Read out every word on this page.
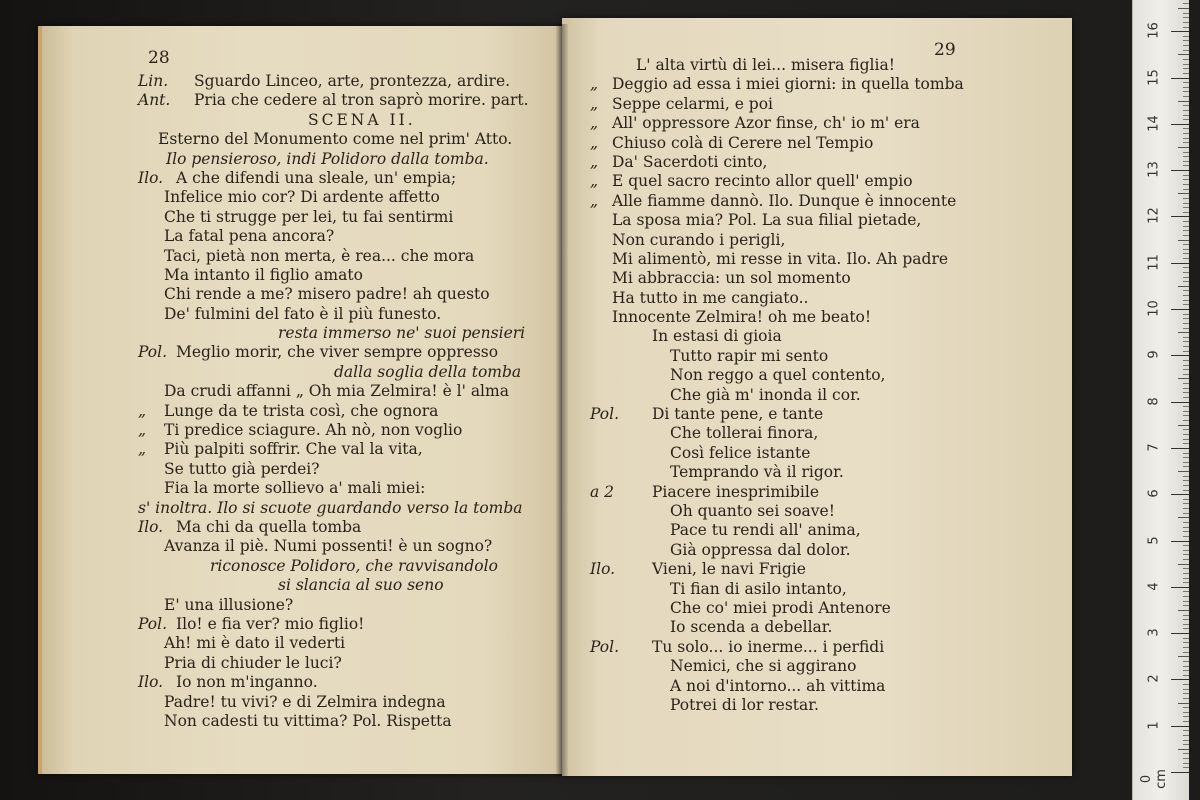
28
Lin. Sguardo Linceo, arte, prontezza, ardire.
Ant. Pria che cedere al tron saprò morire. part.
SCENA II.
Esterno del Monumento come nel prim' Atto.
Ilo pensieroso, indi Polidoro dalla tomba.
Ilo. A che difendi una sleale, un' empia;
Infelice mio cor? Di ardente affetto
Che ti strugge per lei, tu fai sentirmi
La fatal pena ancora?
Taci, pietà non merta, è rea... che mora
Ma intanto il figlio amato
Chi rende a me? misero padre! ah questo
De' fulmini del fato è il più funesto.
resta immerso ne' suoi pensieri
Pol. Meglio morir, che viver sempre oppresso
dalla soglia della tomba
Da crudi affanni „ Oh mia Zelmira! è l' alma
„ Lunge da te trista così, che ognora
„ Ti predice sciagure. Ah nò, non voglio
„ Più palpiti soffrir. Che val la vita,
Se tutto già perdei?
Fia la morte sollievo a' mali miei:
s' inoltra. Ilo si scuote guardando verso la tomba
Ilo. Ma chi da quella tomba
Avanza il piè. Numi possenti! è un sogno?
riconosce Polidoro, che ravvisandolo
si slancia al suo seno
E' una illusione?
Pol. Ilo! e fia ver? mio figlio!
Ah! mi è dato il vederti
Pria di chiuder le luci?
Ilo. Io non m'inganno.
Padre! tu vivi? e di Zelmira indegna
Non cadesti tu vittima? Pol. Rispetta
29
L' alta virtù di lei... misera figlia!
„ Deggio ad essa i miei giorni: in quella tomba
„ Seppe celarmi, e poi
„ All' oppressore Azor finse, ch' io m' era
„ Chiuso colà di Cerere nel Tempio
„ Da' Sacerdoti cinto,
„ E quel sacro recinto allor quell' empio
„ Alle fiamme dannò. Ilo. Dunque è innocente
La sposa mia? Pol. La sua filial pietade,
Non curando i perigli,
Mi alimentò, mi resse in vita. Ilo. Ah padre
Mi abbraccia: un sol momento
Ha tutto in me cangiato..
Innocente Zelmira! oh me beato!
In estasi di gioia
Tutto rapir mi sento
Non reggo a quel contento,
Che già m' inonda il cor.
Pol. Di tante pene, e tante
Che tollerai finora,
Così felice istante
Temprando và il rigor.
a 2 Piacere inesprimibile
Oh quanto sei soave!
Pace tu rendi all' anima,
Già oppressa dal dolor.
Ilo. Vieni, le navi Frigie
Ti fian di asilo intanto,
Che co' miei prodi Antenore
Io scenda a debellar.
Pol. Tu solo... io inerme... i perfidi
Nemici, che si aggirano
A noi d'intorno... ah vittima
Potrei di lor restar.
0 cm
1
2
3
4
5
6
7
8
9
10
11
12
13
14
15
16
